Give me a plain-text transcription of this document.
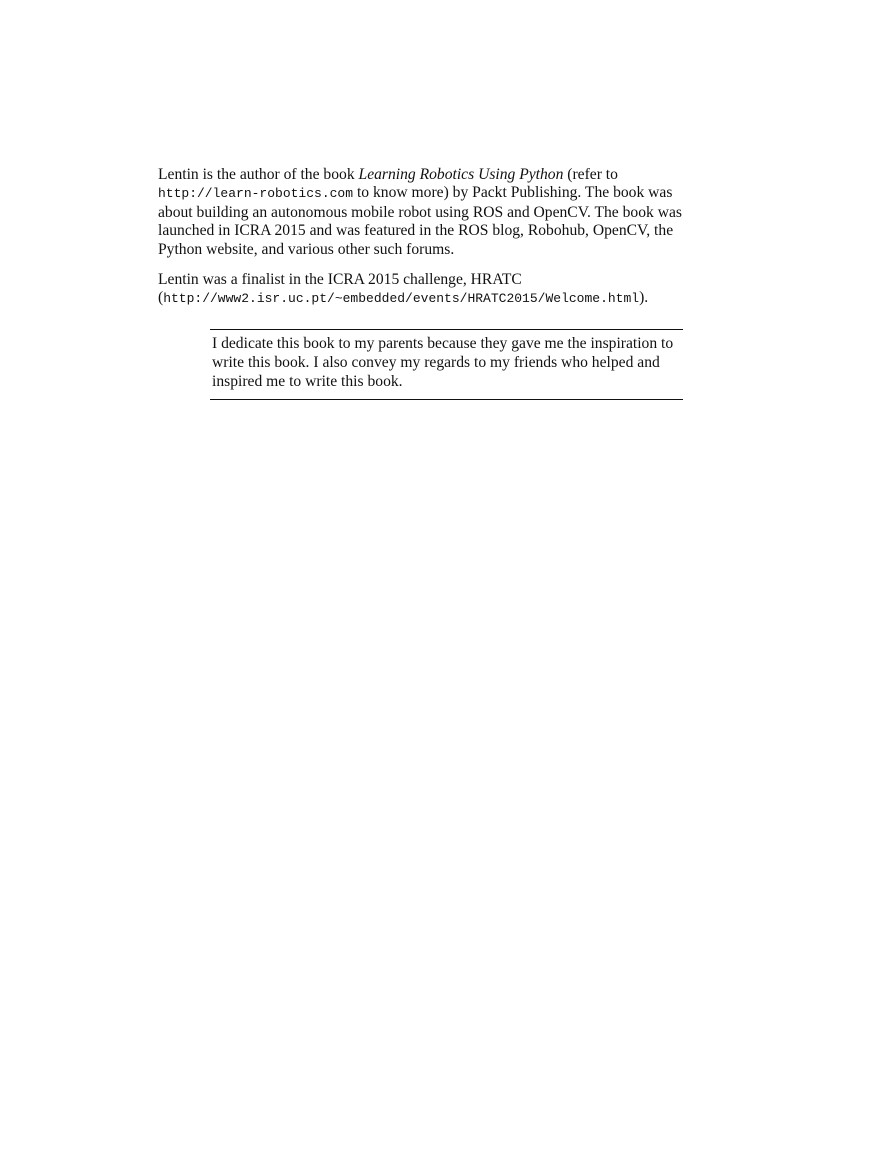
Lentin is the author of the book Learning Robotics Using Python (refer to http://learn-robotics.com to know more) by Packt Publishing. The book was about building an autonomous mobile robot using ROS and OpenCV. The book was launched in ICRA 2015 and was featured in the ROS blog, Robohub, OpenCV, the Python website, and various other such forums.

Lentin was a finalist in the ICRA 2015 challenge, HRATC (http://www2.isr.uc.pt/~embedded/events/HRATC2015/Welcome.html).

I dedicate this book to my parents because they gave me the inspiration to write this book. I also convey my regards to my friends who helped and inspired me to write this book.
